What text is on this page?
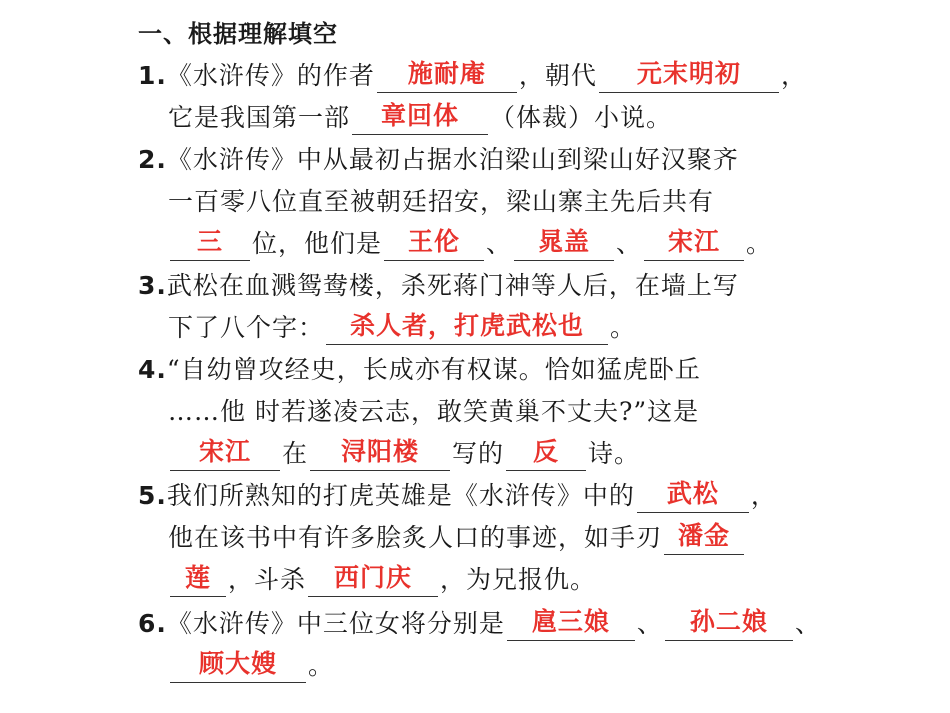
一、根据理解填空
1.《水浒传》的作者	施耐庵	，朝代	元末明初	，
它是我国第一部	章回体	（体裁）小说。
2.《水浒传》中从最初占据水泊梁山到梁山好汉聚齐
一百零八位直至被朝廷招安，梁山寨主先后共有
三	位，他们是	王伦	、	晁盖	、	宋江	。
3.武松在血溅鸳鸯楼，杀死蒋门神等人后，在墙上写
下了八个字：	杀人者，打虎武松也	。
4.“自幼曾攻经史，长成亦有权谋。恰如猛虎卧丘
……他 时若遂凌云志，敢笑黄巢不丈夫?”这是
宋江	在	浔阳楼	写的	反	诗。
5.我们所熟知的打虎英雄是《水浒传》中的	武松	，
他在该书中有许多脍炙人口的事迹，如手刃 潘金
莲 ，斗杀	西门庆	，为兄报仇。
6.《水浒传》中三位女将分别是	扈三娘	、	孙二娘	、
顾大嫂	。
